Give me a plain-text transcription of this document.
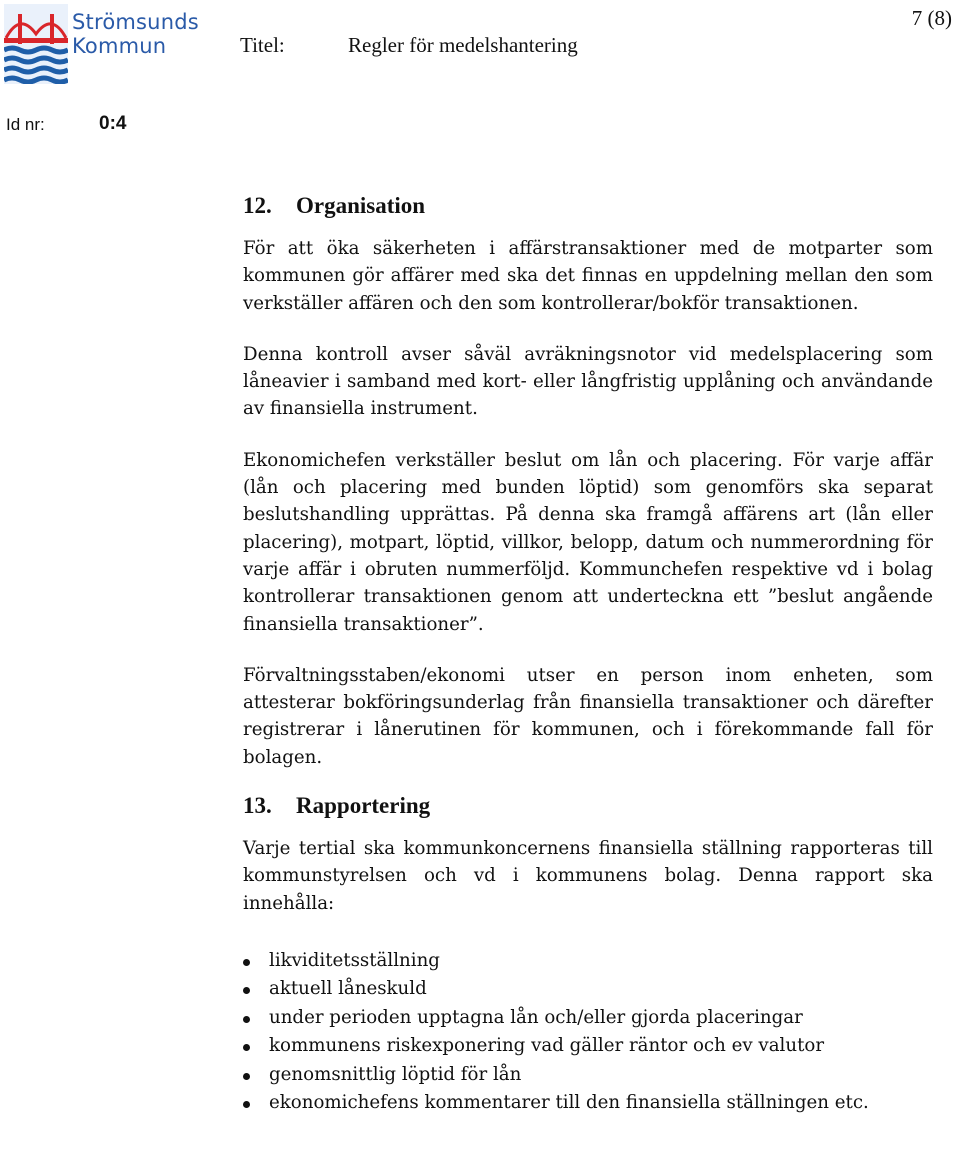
Strömsunds
Kommun
7 (8)
Titel:	Regler för medelshantering
Id nr:	0:4
12. Organisation

För att öka säkerheten i affärstransaktioner med de motparter som kommunen gör affärer med ska det finnas en uppdelning mellan den som verkställer affären och den som kontrollerar/bokför transaktionen.

Denna kontroll avser såväl avräkningsnotor vid medelsplacering som låneavier i samband med kort- eller långfristig upplåning och användande av finansiella instrument.

Ekonomichefen verkställer beslut om lån och placering. För varje affär (lån och placering med bunden löptid) som genomförs ska separat beslutshandling upprättas. På denna ska framgå affärens art (lån eller placering), motpart, löptid, villkor, belopp, datum och nummerordning för varje affär i obruten nummerföljd. Kommunchefen respektive vd i bolag kontrollerar transaktionen genom att underteckna ett ”beslut angående finansiella transaktioner”.

Förvaltningsstaben/ekonomi utser en person inom enheten, som attesterar bokföringsunderlag från finansiella transaktioner och därefter registrerar i lånerutinen för kommunen, och i förekommande fall för bolagen.

13. Rapportering

Varje tertial ska kommunkoncernens finansiella ställning rapporteras till kommunstyrelsen och vd i kommunens bolag. Denna rapport ska innehålla:

likviditetsställning
aktuell låneskuld
under perioden upptagna lån och/eller gjorda placeringar
kommunens riskexponering vad gäller räntor och ev valutor
genomsnittlig löptid för lån
ekonomichefens kommentarer till den finansiella ställningen etc.
